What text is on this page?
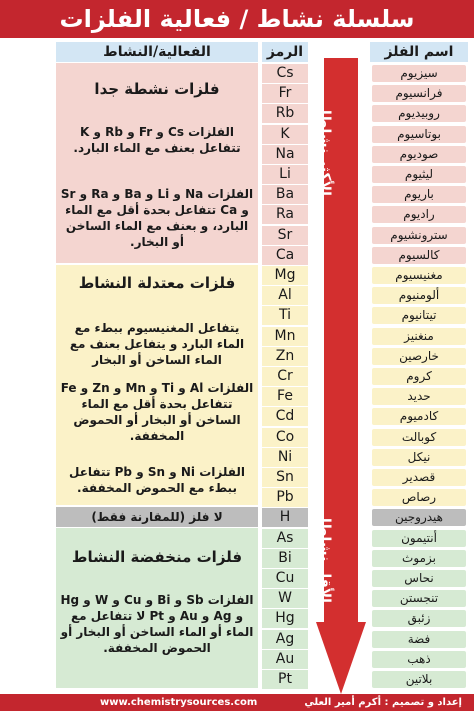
سلسلة نشاط / فعالية الفلزات
اسم الفلز
الرمز
الفعالية/النشاط
فلزات نشطة جدا
الفلزات Cs و Fr و Rb و K تتفاعل بعنف مع الماء البارد.
الفلزات Na و Li و Ba و Ra و Sr و Ca تتفاعل بحدة أقل مع الماء البارد، و بعنف مع الماء الساخن أو البخار.
فلزات معتدلة النشاط
يتفاعل المغنيسيوم ببطء مع الماء البارد و يتفاعل بعنف مع الماء الساخن أو البخار
الفلزات Al و Ti و Mn و Zn و Fe تتفاعل بحدة أقل مع الماء الساخن أو البخار أو الحموض المخففة.
الفلزات Ni و Sn و Pb تتفاعل ببطء مع الحموض المخففة.
لا فلز (للمقارنة فقط)
فلزات منخفضة النشاط
الفلزات Sb و Bi و Cu و W و Hg و Ag و Au و Pt لا تتفاعل مع الماء أو الماء الساخن أو البخار أو الحموض المخففة.
الأكثر نشاطا
الأقل نشاطا
Cs
Fr
Rb
K
Na
Li
Ba
Ra
Sr
Ca
Mg
Al
Ti
Mn
Zn
Cr
Fe
Cd
Co
Ni
Sn
Pb
H
As
Bi
Cu
W
Hg
Ag
Au
Pt
سيزيوم
فرانسيوم
روبيديوم
بوتاسيوم
صوديوم
ليثيوم
باريوم
راديوم
سترونشيوم
كالسيوم
مغنيسيوم
ألومنيوم
تيتانيوم
منغنيز
خارصين
كروم
حديد
كادميوم
كوبالت
نيكل
قصدير
رصاص
هيدروجين
أنتيمون
بزموث
نحاس
تنجستن
زئبق
فضة
ذهب
بلاتين
www.chemistrysources.com	إعداد و تصميم : أكرم أمير العلي
